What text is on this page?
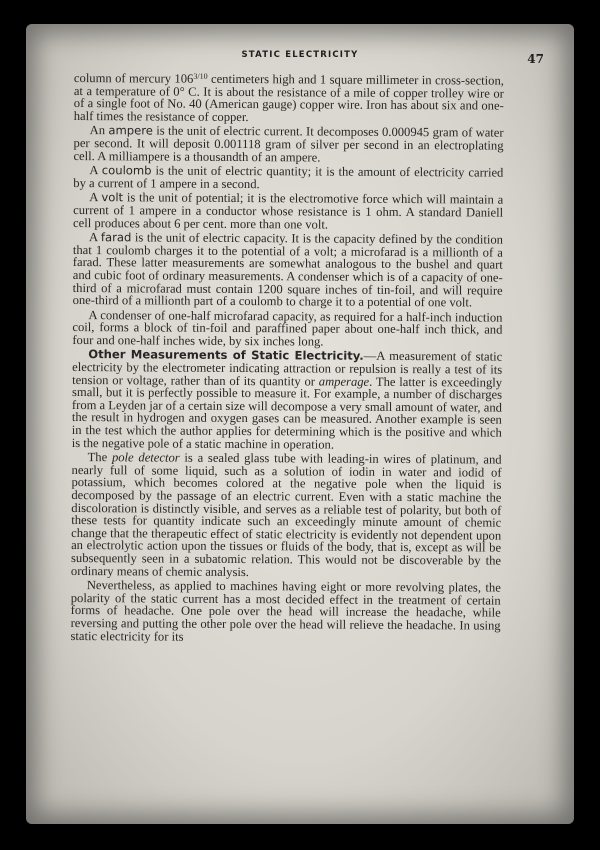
STATIC ELECTRICITY	47

column of mercury $106^{3/10}$ centimeters high and 1 square millimeter in cross-section, at a temperature of 0° C. It is about the resistance of a mile of copper trolley wire or of a single foot of No. 40 (American gauge) copper wire. Iron has about six and one-half times the resistance of copper.

An ampere is the unit of electric current. It decomposes 0.000945 gram of water per second. It will deposit 0.001118 gram of silver per second in an electroplating cell. A milliampere is a thousandth of an ampere.

A coulomb is the unit of electric quantity; it is the amount of electricity carried by a current of 1 ampere in a second.

A volt is the unit of potential; it is the electromotive force which will maintain a current of 1 ampere in a conductor whose resistance is 1 ohm. A standard Daniell cell produces about 6 per cent. more than one volt.

A farad is the unit of electric capacity. It is the capacity defined by the condition that 1 coulomb charges it to the potential of a volt; a microfarad is a millionth of a farad. These latter measurements are somewhat analogous to the bushel and quart and cubic foot of ordinary measurements. A condenser which is of a capacity of one-third of a microfarad must contain 1200 square inches of tin-foil, and will require one-third of a millionth part of a coulomb to charge it to a potential of one volt.

A condenser of one-half microfarad capacity, as required for a half-inch induction coil, forms a block of tin-foil and paraffined paper about one-half inch thick, and four and one-half inches wide, by six inches long.

Other Measurements of Static Electricity.—A measurement of static electricity by the electrometer indicating attraction or repulsion is really a test of its tension or voltage, rather than of its quantity or amperage. The latter is exceedingly small, but it is perfectly possible to measure it. For example, a number of discharges from a Leyden jar of a certain size will decompose a very small amount of water, and the result in hydrogen and oxygen gases can be measured. Another example is seen in the test which the author applies for determining which is the positive and which is the negative pole of a static machine in operation.

The pole detector is a sealed glass tube with leading-in wires of platinum, and nearly full of some liquid, such as a solution of iodin in water and iodid of potassium, which becomes colored at the negative pole when the liquid is decomposed by the passage of an electric current. Even with a static machine the discoloration is distinctly visible, and serves as a reliable test of polarity, but both of these tests for quantity indicate such an exceedingly minute amount of chemic change that the therapeutic effect of static electricity is evidently not dependent upon an electrolytic action upon the tissues or fluids of the body, that is, except as will be subsequently seen in a subatomic relation. This would not be discoverable by the ordinary means of chemic analysis.

Nevertheless, as applied to machines having eight or more revolving plates, the polarity of the static current has a most decided effect in the treatment of certain forms of headache. One pole over the head will increase the headache, while reversing and putting the other pole over the head will relieve the headache. In using static electricity for its
